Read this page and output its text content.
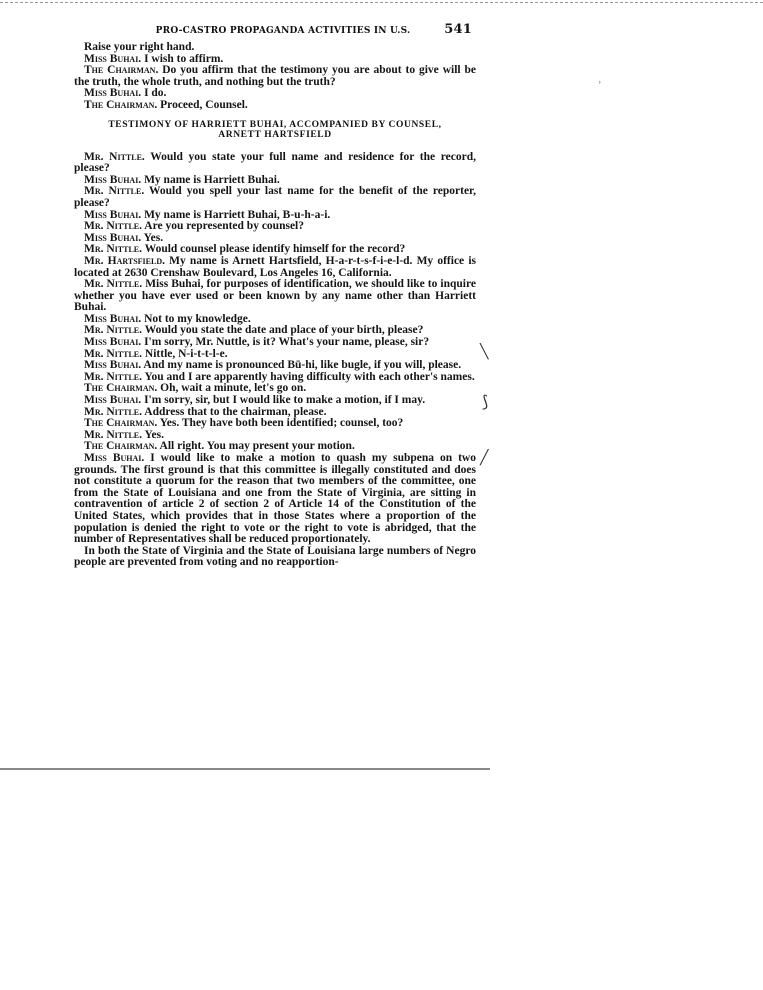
PRO-CASTRO PROPAGANDA ACTIVITIES IN U.S.	541

Raise your right hand.

Miss Buhai. I wish to affirm.

The Chairman. Do you affirm that the testimony you are about to give will be the truth, the whole truth, and nothing but the truth?

Miss Buhai. I do.

The Chairman. Proceed, Counsel.

TESTIMONY OF HARRIETT BUHAI, ACCOMPANIED BY COUNSEL,
ARNETT HARTSFIELD

Mr. Nittle. Would you state your full name and residence for the record, please?

Miss Buhai. My name is Harriett Buhai.

Mr. Nittle. Would you spell your last name for the benefit of the reporter, please?

Miss Buhai. My name is Harriett Buhai, B-u-h-a-i.

Mr. Nittle. Are you represented by counsel?

Miss Buhai. Yes.

Mr. Nittle. Would counsel please identify himself for the record?

Mr. Hartsfield. My name is Arnett Hartsfield, H-a-r-t-s-f-i-e-l-d. My office is located at 2630 Crenshaw Boulevard, Los Angeles 16, California.

Mr. Nittle. Miss Buhai, for purposes of identification, we should like to inquire whether you have ever used or been known by any name other than Harriett Buhai.

Miss Buhai. Not to my knowledge.

Mr. Nittle. Would you state the date and place of your birth, please?

Miss Buhai. I'm sorry, Mr. Nuttle, is it? What's your name, please, sir?

Mr. Nittle. Nittle, N-i-t-t-l-e.

Miss Buhai. And my name is pronounced Bū-hi, like bugle, if you will, please.

Mr. Nittle. You and I are apparently having difficulty with each other's names.

The Chairman. Oh, wait a minute, let's go on.

Miss Buhai. I'm sorry, sir, but I would like to make a motion, if I may.

Mr. Nittle. Address that to the chairman, please.

The Chairman. Yes. They have both been identified; counsel, too?

Mr. Nittle. Yes.

The Chairman. All right. You may present your motion.

Miss Buhai. I would like to make a motion to quash my subpena on two grounds. The first ground is that this committee is illegally constituted and does not constitute a quorum for the reason that two members of the committee, one from the State of Louisiana and one from the State of Virginia, are sitting in contravention of article 2 of section 2 of Article 14 of the Constitution of the United States, which provides that in those States where a proportion of the population is denied the right to vote or the right to vote is abridged, that the number of Representatives shall be reduced proportionately.

In both the State of Virginia and the State of Louisiana large numbers of Negro people are prevented from voting and no reapportion-

⸒
╲
⟆
╱
